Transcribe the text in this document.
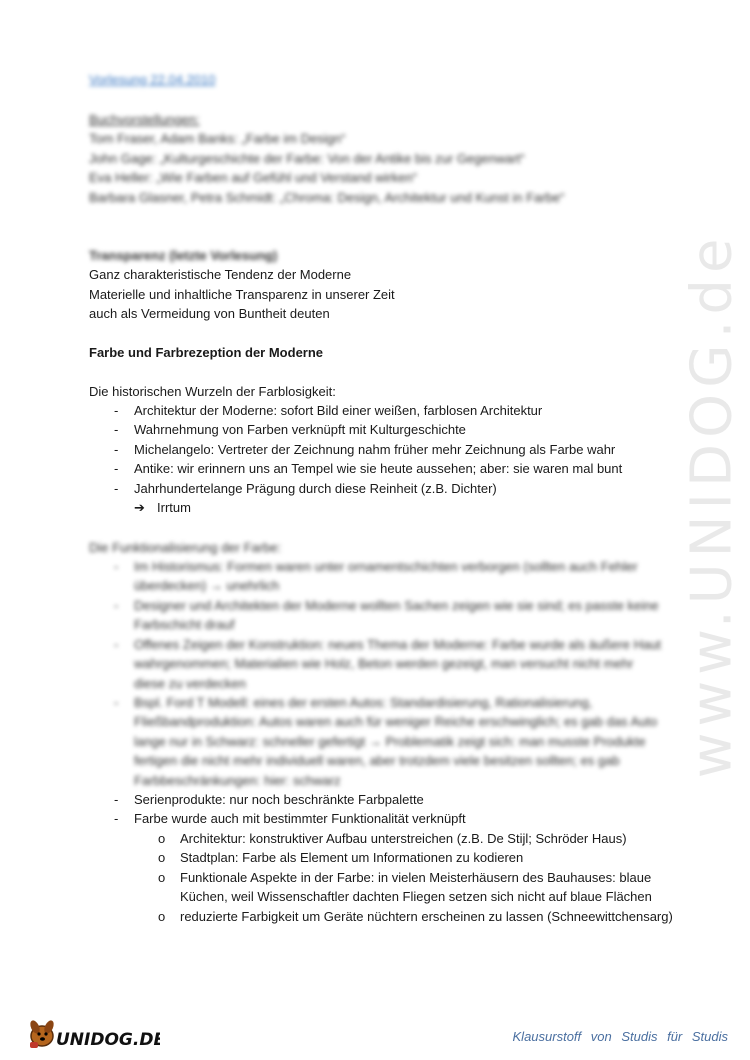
Vorlesung 22.04.2010
Buchvorstellungen:
Tom Fraser, Adam Banks: „Farbe im Design“
John Gage: „Kulturgeschichte der Farbe: Von der Antike bis zur Gegenwart“
Eva Heller: „Wie Farben auf Gefühl und Verstand wirken“
Barbara Glasner, Petra Schmidt: „Chroma: Design, Architektur und Kunst in Farbe“
Transparenz (letzte Vorlesung)
Ganz charakteristische Tendenz der Moderne
Materielle und inhaltliche Transparenz in unserer Zeit
auch als Vermeidung von Buntheit deuten
Farbe und Farbrezeption der Moderne
Die historischen Wurzeln der Farblosigkeit:
- Architektur der Moderne: sofort Bild einer weißen, farblosen Architektur
- Wahrnehmung von Farben verknüpft mit Kulturgeschichte
- Michelangelo: Vertreter der Zeichnung nahm früher mehr Zeichnung als Farbe wahr
- Antike: wir erinnern uns an Tempel wie sie heute aussehen; aber: sie waren mal bunt
- Jahrhundertelange Prägung durch diese Reinheit (z.B. Dichter)
➔ Irrtum
Die Funktionalisierung der Farbe:
- Im Historismus: Formen waren unter ornamentschichten verborgen (sollten auch Fehler
überdecken) → unehrlich
- Designer und Architekten der Moderne wollten Sachen zeigen wie sie sind; es passte keine
Farbschicht drauf
- Offenes Zeigen der Konstruktion: neues Thema der Moderne: Farbe wurde als äußere Haut
wahrgenommen; Materialien wie Holz, Beton werden gezeigt, man versucht nicht mehr
diese zu verdecken
- Bspl. Ford T Modell: eines der ersten Autos: Standardisierung, Rationalisierung,
Fließbandproduktion: Autos waren auch für weniger Reiche erschwinglich; es gab das Auto
lange nur in Schwarz: schneller gefertigt → Problematik zeigt sich: man musste Produkte
fertigen die nicht mehr individuell waren, aber trotzdem viele besitzen sollten; es gab
Farbbeschränkungen: hier: schwarz
- Serienprodukte: nur noch beschränkte Farbpalette
- Farbe wurde auch mit bestimmter Funktionalität verknüpft
o Architektur: konstruktiver Aufbau unterstreichen (z.B. De Stijl; Schröder Haus)
o Stadtplan: Farbe als Element um Informationen zu kodieren
o Funktionale Aspekte in der Farbe: in vielen Meisterhäusern des Bauhauses: blaue
Küchen, weil Wissenschaftler dachten Fliegen setzen sich nicht auf blaue Flächen
o reduzierte Farbigkeit um Geräte nüchtern erscheinen zu lassen (Schneewittchensarg)
www.UNIDOG.de
UNIDOG.DE	Klausurstoff von Studis für Studis
